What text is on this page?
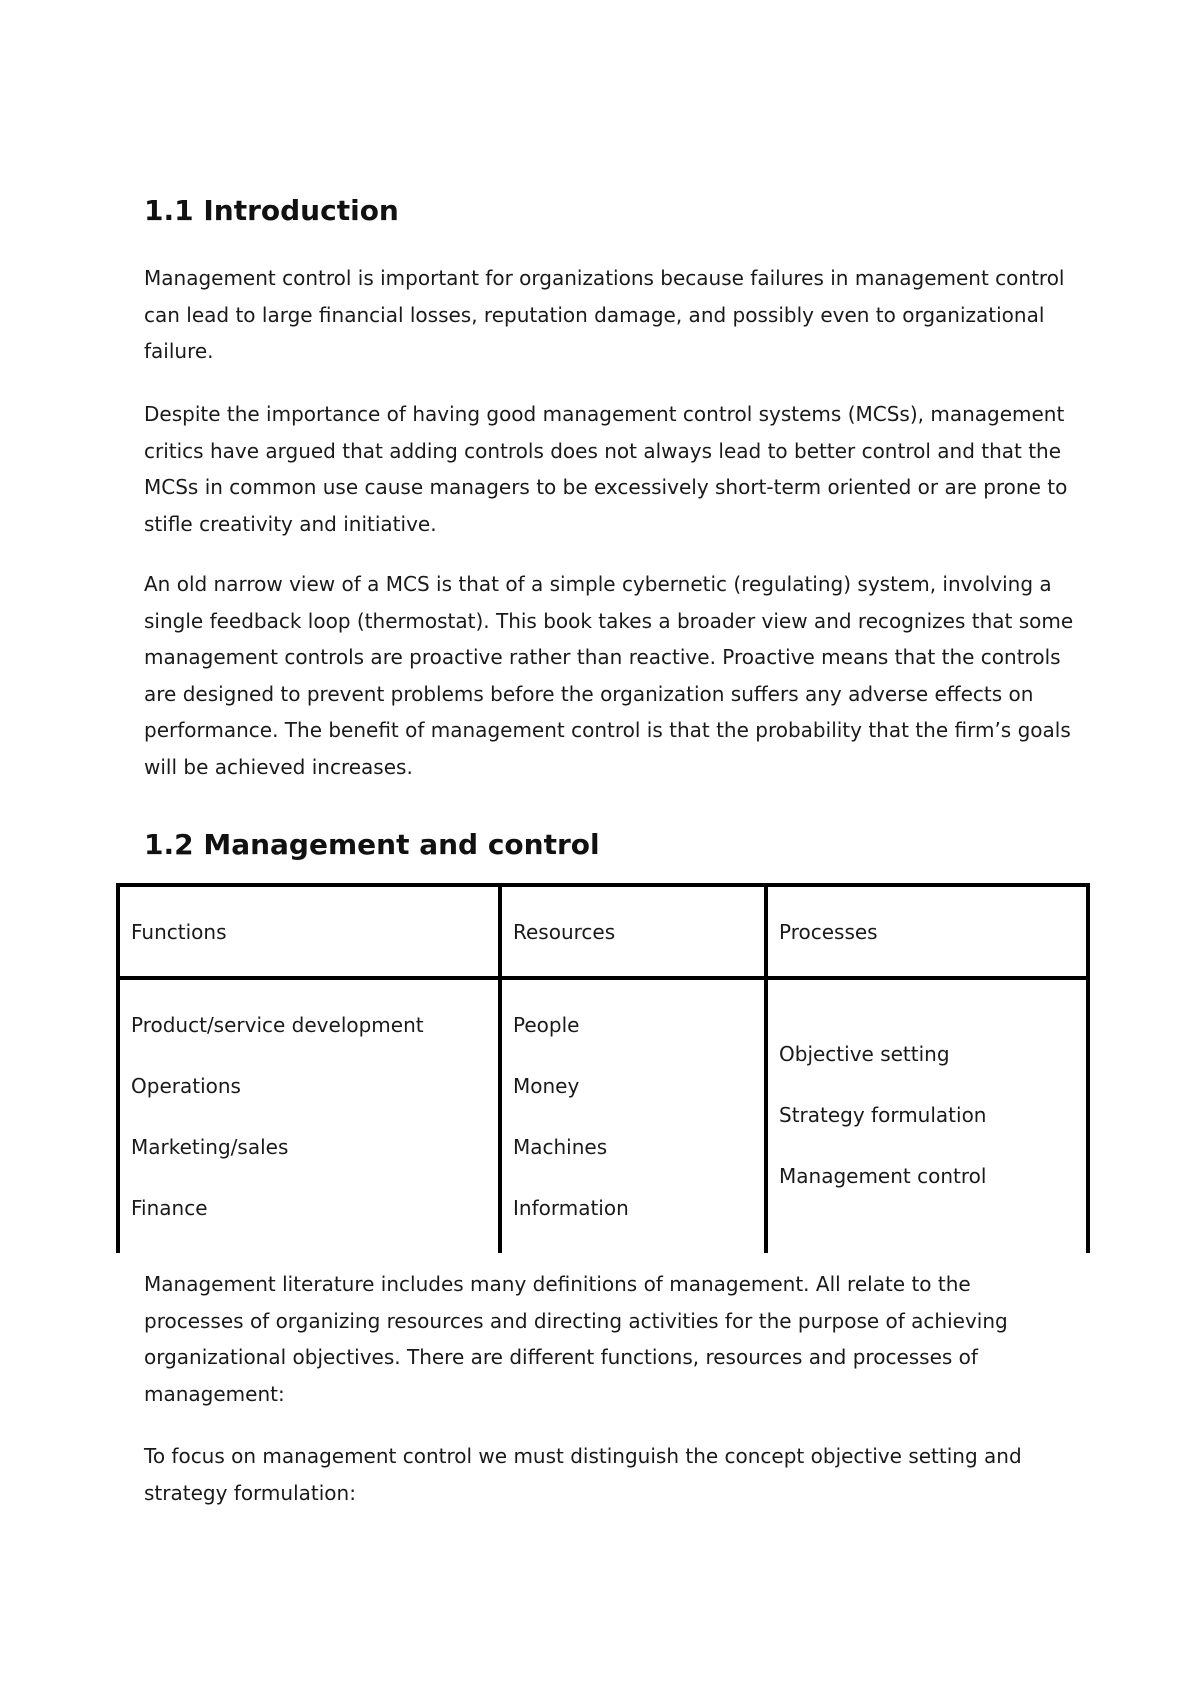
1.1 Introduction

Management control is important for organizations because failures in management control can lead to large financial losses, reputation damage, and possibly even to organizational failure.

Despite the importance of having good management control systems (MCSs), management critics have argued that adding controls does not always lead to better control and that the MCSs in common use cause managers to be excessively short-term oriented or are prone to stifle creativity and initiative.

An old narrow view of a MCS is that of a simple cybernetic (regulating) system, involving a single feedback loop (thermostat). This book takes a broader view and recognizes that some management controls are proactive rather than reactive. Proactive means that the controls are designed to prevent problems before the organization suffers any adverse effects on performance. The benefit of management control is that the probability that the firm’s goals will be achieved increases.

1.2 Management and control
Functions	Resources	Processes
Product/service development
Operations
Marketing/sales
Finance
People
Money
Machines
Information
Objective setting
Strategy formulation
Management control

Management literature includes many definitions of management. All relate to the processes of organizing resources and directing activities for the purpose of achieving organizational objectives. There are different functions, resources and processes of management:

To focus on management control we must distinguish the concept objective setting and strategy formulation:
